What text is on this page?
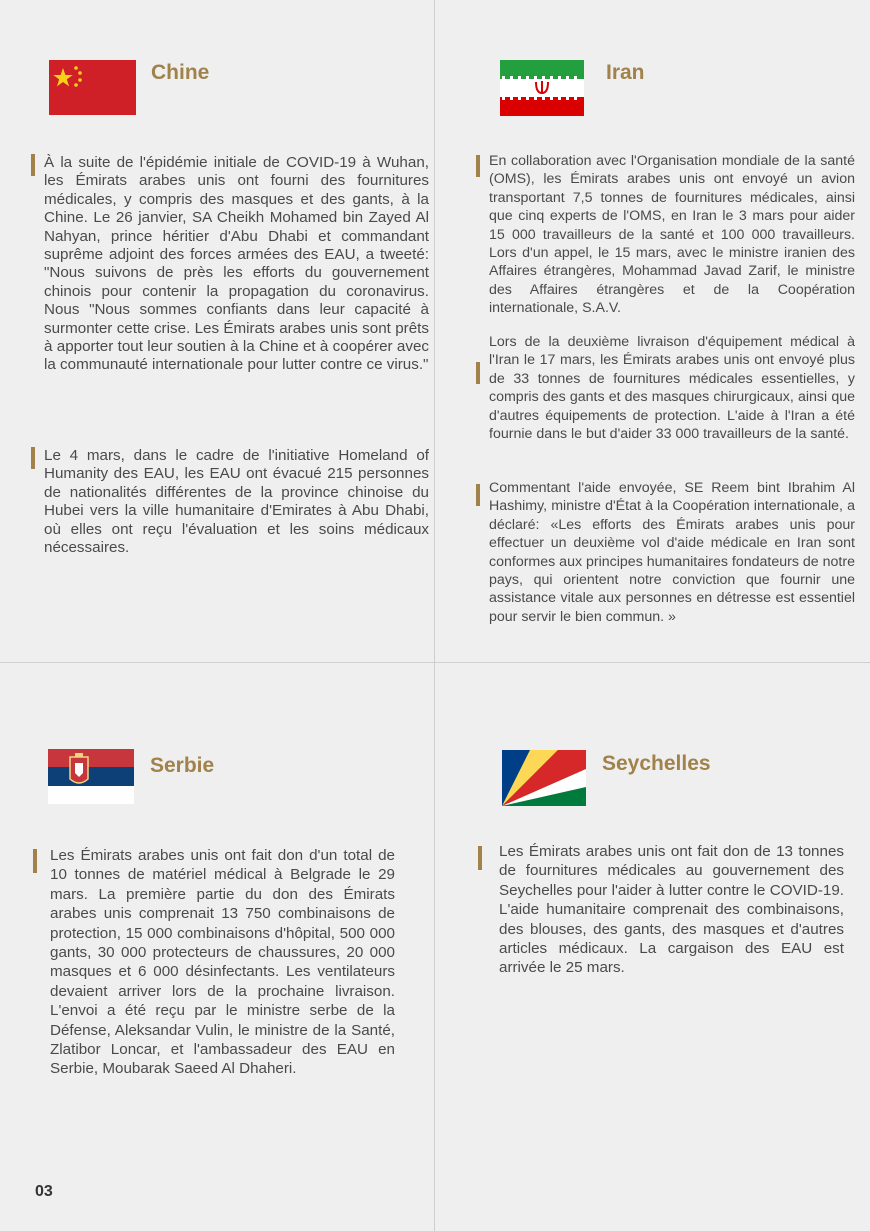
Chine

À la suite de l'épidémie initiale de COVID-19 à Wuhan, les Émirats arabes unis ont fourni des fournitures médicales, y compris des masques et des gants, à la Chine. Le 26 janvier, SA Cheikh Mohamed bin Zayed Al Nahyan, prince héritier d'Abu Dhabi et commandant suprême adjoint des forces armées des EAU, a tweeté: "Nous suivons de près les efforts du gouvernement chinois pour contenir la propagation du coronavirus. Nous "Nous sommes confiants dans leur capacité à surmonter cette crise. Les Émirats arabes unis sont prêts à apporter tout leur soutien à la Chine et à coopérer avec la communauté internationale pour lutter contre ce virus."

Le 4 mars, dans le cadre de l'initiative Homeland of Humanity des EAU, les EAU ont évacué 215 personnes de nationalités différentes de la province chinoise du Hubei vers la ville humanitaire d'Emirates à Abu Dhabi, où elles ont reçu l'évaluation et les soins médicaux nécessaires.

Iran

En collaboration avec l'Organisation mondiale de la santé (OMS), les Émirats arabes unis ont envoyé un avion transportant 7,5 tonnes de fournitures médicales, ainsi que cinq experts de l'OMS, en Iran le 3 mars pour aider 15 000 travailleurs de la santé et 100 000 travailleurs. Lors d'un appel, le 15 mars, avec le ministre iranien des Affaires étrangères, Mohammad Javad Zarif, le ministre des Affaires étrangères et de la Coopération internationale, S.A.V.

Lors de la deuxième livraison d'équipement médical à l'Iran le 17 mars, les Émirats arabes unis ont envoyé plus de 33 tonnes de fournitures médicales essentielles, y compris des gants et des masques chirurgicaux, ainsi que d'autres équipements de protection. L'aide à l'Iran a été fournie dans le but d'aider 33 000 travailleurs de la santé.

Commentant l'aide envoyée, SE Reem bint Ibrahim Al Hashimy, ministre d'État à la Coopération internationale, a déclaré: «Les efforts des Émirats arabes unis pour effectuer un deuxième vol d'aide médicale en Iran sont conformes aux principes humanitaires fondateurs de notre pays, qui orientent notre conviction que fournir une assistance vitale aux personnes en détresse est essentiel pour servir le bien commun. »

Serbie

Les Émirats arabes unis ont fait don d'un total de 10 tonnes de matériel médical à Belgrade le 29 mars. La première partie du don des Émirats arabes unis comprenait 13 750 combinaisons de protection, 15 000 combinaisons d'hôpital, 500 000 gants, 30 000 protecteurs de chaussures, 20 000 masques et 6 000 désinfectants. Les ventilateurs devaient arriver lors de la prochaine livraison. L'envoi a été reçu par le ministre serbe de la Défense, Aleksandar Vulin, le ministre de la Santé, Zlatibor Loncar, et l'ambassadeur des EAU en Serbie, Moubarak Saeed Al Dhaheri.

Seychelles

Les Émirats arabes unis ont fait don de 13 tonnes de fournitures médicales au gouvernement des Seychelles pour l'aider à lutter contre le COVID-19. L'aide humanitaire comprenait des combinaisons, des blouses, des gants, des masques et d'autres articles médicaux. La cargaison des EAU est arrivée le 25 mars.

03
